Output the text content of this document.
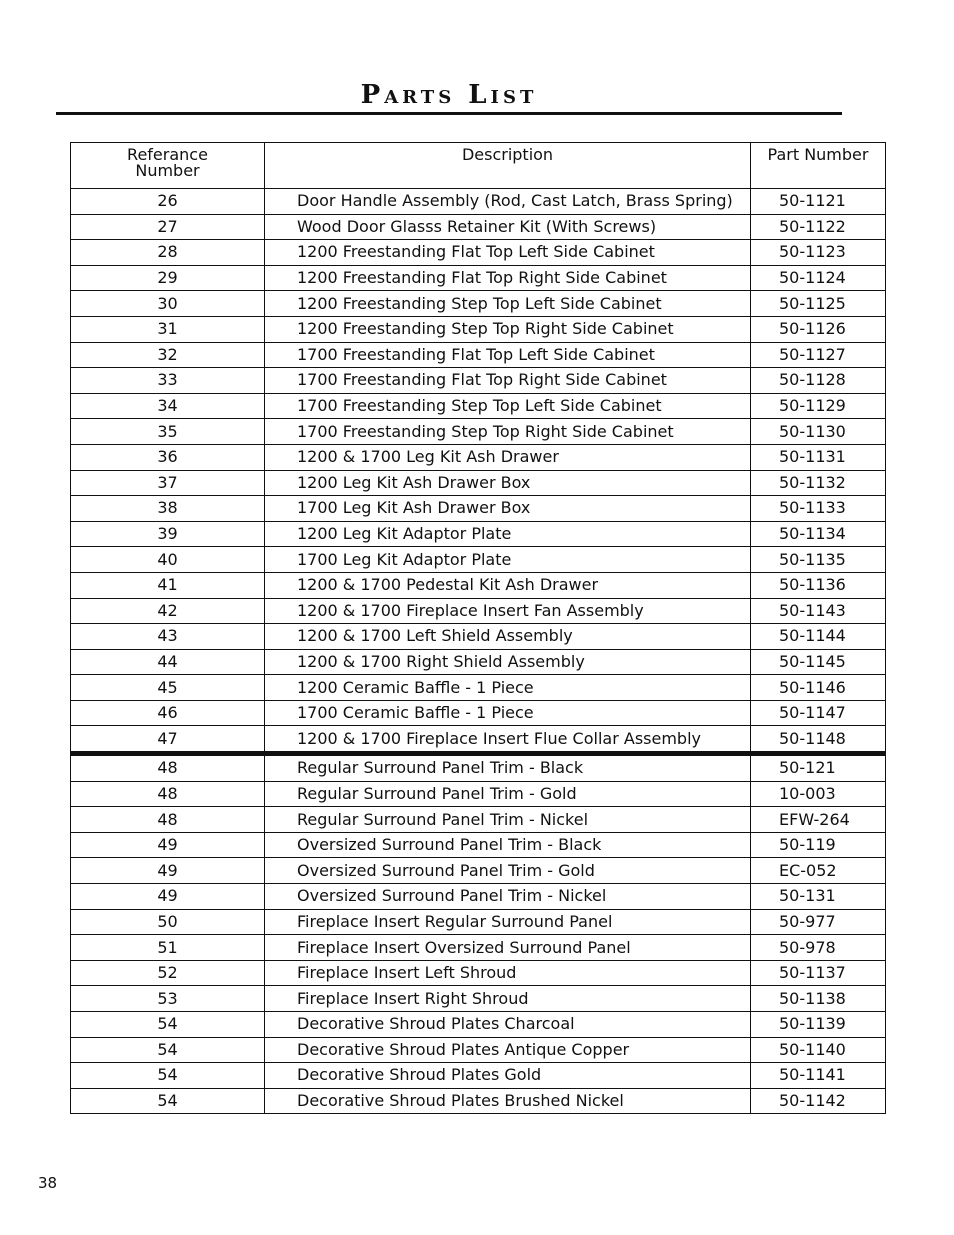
Parts List
Referance Number	Description	Part Number
26	Door Handle Assembly (Rod, Cast Latch, Brass Spring)	50-1121
27	Wood Door Glasss Retainer Kit (With Screws)	50-1122
28	1200 Freestanding Flat Top Left Side Cabinet	50-1123
29	1200 Freestanding Flat Top Right Side Cabinet	50-1124
30	1200 Freestanding Step Top Left Side Cabinet	50-1125
31	1200 Freestanding Step Top Right Side Cabinet	50-1126
32	1700 Freestanding Flat Top Left Side Cabinet	50-1127
33	1700 Freestanding Flat Top Right Side Cabinet	50-1128
34	1700 Freestanding Step Top Left Side Cabinet	50-1129
35	1700 Freestanding Step Top Right Side Cabinet	50-1130
36	1200 & 1700 Leg Kit Ash Drawer	50-1131
37	1200 Leg Kit Ash Drawer Box	50-1132
38	1700 Leg Kit Ash Drawer Box	50-1133
39	1200 Leg Kit Adaptor Plate	50-1134
40	1700 Leg Kit Adaptor Plate	50-1135
41	1200 & 1700 Pedestal Kit Ash Drawer	50-1136
42	1200 & 1700 Fireplace Insert Fan Assembly	50-1143
43	1200 & 1700 Left Shield Assembly	50-1144
44	1200 & 1700 Right Shield Assembly	50-1145
45	1200 Ceramic Baffle - 1 Piece	50-1146
46	1700 Ceramic Baffle - 1 Piece	50-1147
47	1200 & 1700 Fireplace Insert Flue Collar Assembly	50-1148
48	Regular Surround Panel Trim - Black	50-121
48	Regular Surround Panel Trim - Gold	10-003
48	Regular Surround Panel Trim - Nickel	EFW-264
49	Oversized Surround Panel Trim - Black	50-119
49	Oversized Surround Panel Trim - Gold	EC-052
49	Oversized Surround Panel Trim - Nickel	50-131
50	Fireplace Insert Regular Surround Panel	50-977
51	Fireplace Insert Oversized Surround Panel	50-978
52	Fireplace Insert Left Shroud	50-1137
53	Fireplace Insert Right Shroud	50-1138
54	Decorative Shroud Plates Charcoal	50-1139
54	Decorative Shroud Plates Antique Copper	50-1140
54	Decorative Shroud Plates Gold	50-1141
54	Decorative Shroud Plates Brushed Nickel	50-1142
38
